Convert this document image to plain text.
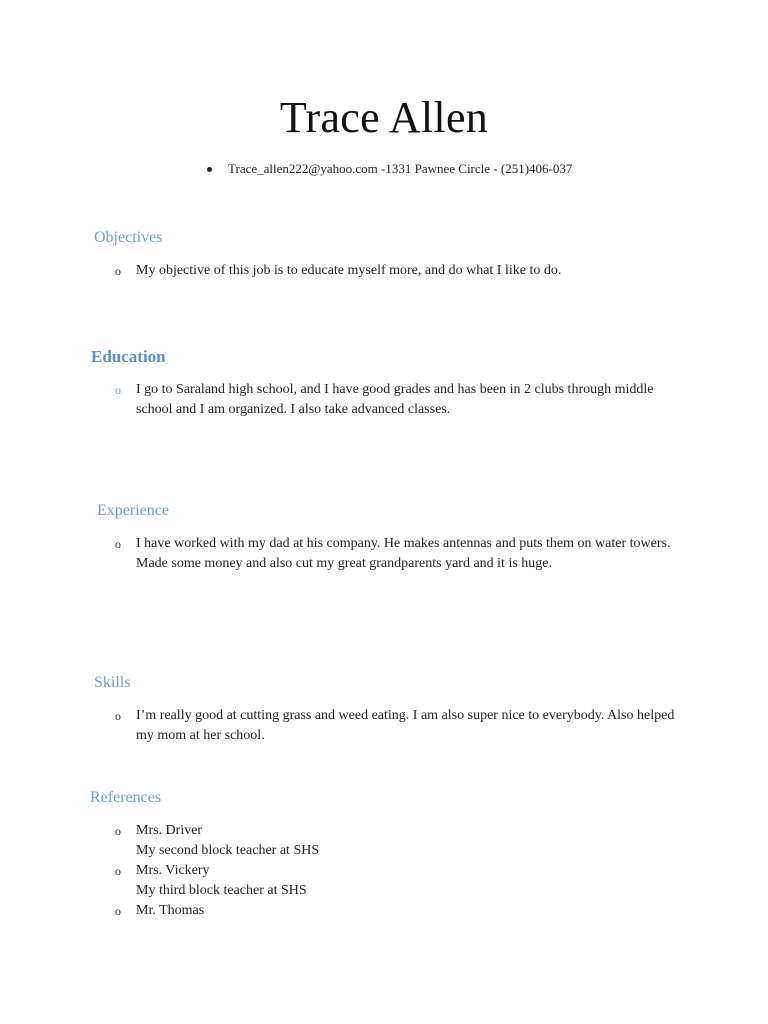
Trace Allen
Trace_allen222@yahoo.com -1331 Pawnee Circle - (251)406-037
Objectives
o	My objective of this job is to educate myself more, and do what I like to do.
Education
o	I go to Saraland high school, and I have good grades and has been in 2 clubs through middle school and I am organized. I also take advanced classes.
Experience
o	I have worked with my dad at his company. He makes antennas and puts them on water towers. Made some money and also cut my great grandparents yard and it is huge.
Skills
o	I’m really good at cutting grass and weed eating. I am also super nice to everybody. Also helped my mom at her school.
References
o	Mrs. Driver
My second block teacher at SHS
o	Mrs. Vickery
My third block teacher at SHS
o	Mr. Thomas
